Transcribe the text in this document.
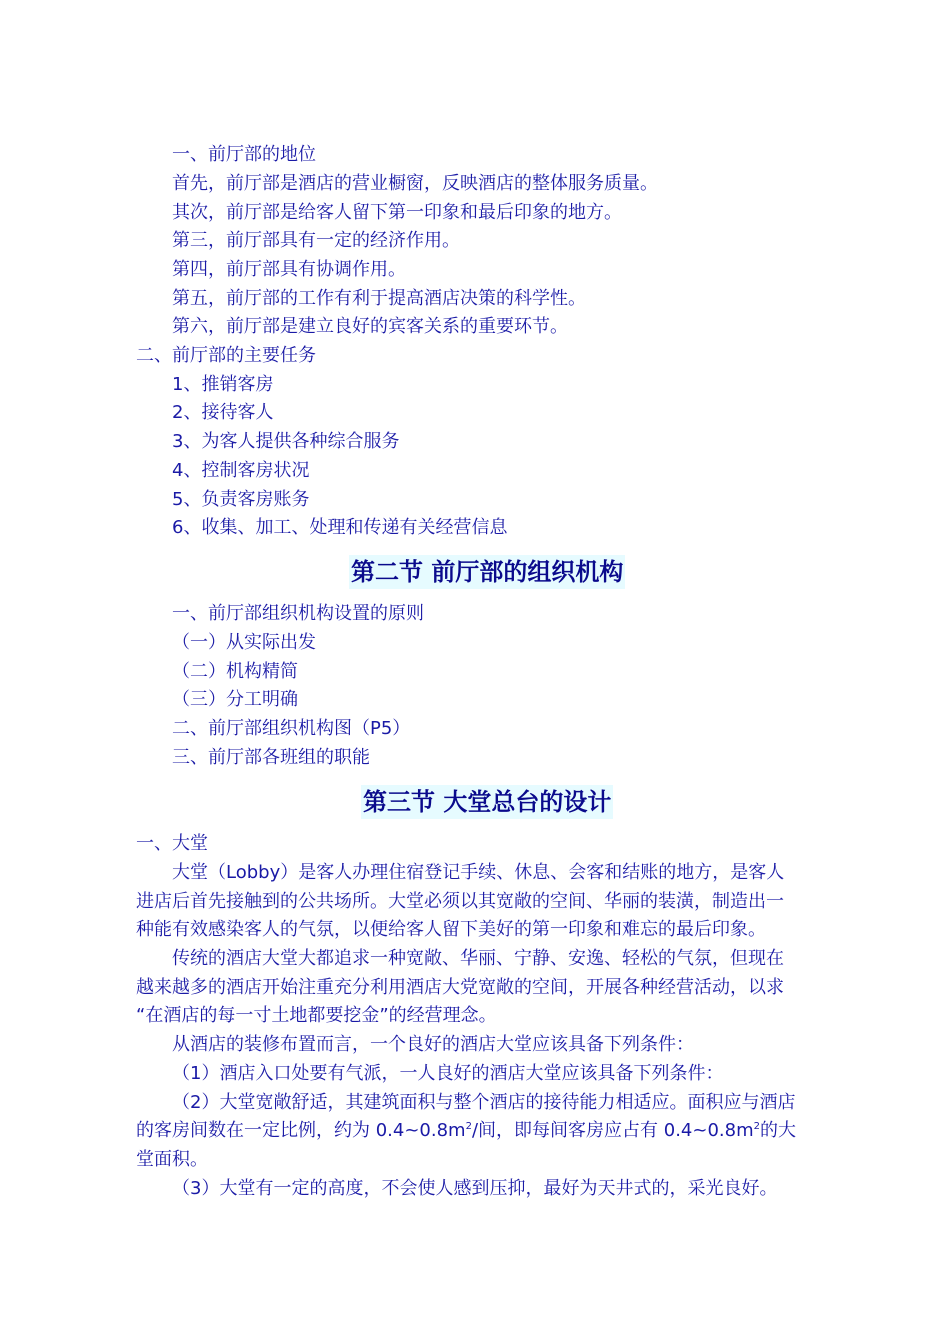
一、前厅部的地位
首先，前厅部是酒店的营业橱窗，反映酒店的整体服务质量。
其次，前厅部是给客人留下第一印象和最后印象的地方。
第三，前厅部具有一定的经济作用。
第四，前厅部具有协调作用。
第五，前厅部的工作有利于提高酒店决策的科学性。
第六，前厅部是建立良好的宾客关系的重要环节。
二、前厅部的主要任务
1、推销客房
2、接待客人
3、为客人提供各种综合服务
4、控制客房状况
5、负责客房账务
6、收集、加工、处理和传递有关经营信息
第二节 前厅部的组织机构
一、前厅部组织机构设置的原则
（一）从实际出发
（二）机构精简
（三）分工明确
二、前厅部组织机构图（P5）
三、前厅部各班组的职能
第三节 大堂总台的设计
一、大堂
大堂（Lobby）是客人办理住宿登记手续、休息、会客和结账的地方，是客人
进店后首先接触到的公共场所。大堂必须以其宽敞的空间、华丽的装潢，制造出一
种能有效感染客人的气氛，以便给客人留下美好的第一印象和难忘的最后印象。
传统的酒店大堂大都追求一种宽敞、华丽、宁静、安逸、轻松的气氛，但现在
越来越多的酒店开始注重充分利用酒店大党宽敞的空间，开展各种经营活动，以求
“在酒店的每一寸土地都要挖金”的经营理念。
从酒店的装修布置而言，一个良好的酒店大堂应该具备下列条件：
（1）酒店入口处要有气派，一人良好的酒店大堂应该具备下列条件：
（2）大堂宽敞舒适，其建筑面积与整个酒店的接待能力相适应。面积应与酒店
的客房间数在一定比例，约为 $0.4\sim 0.8m^2/$间，即每间客房应占有 $0.4\sim 0.8m^2$的大
堂面积。
（3）大堂有一定的高度，不会使人感到压抑，最好为天井式的，采光良好。
